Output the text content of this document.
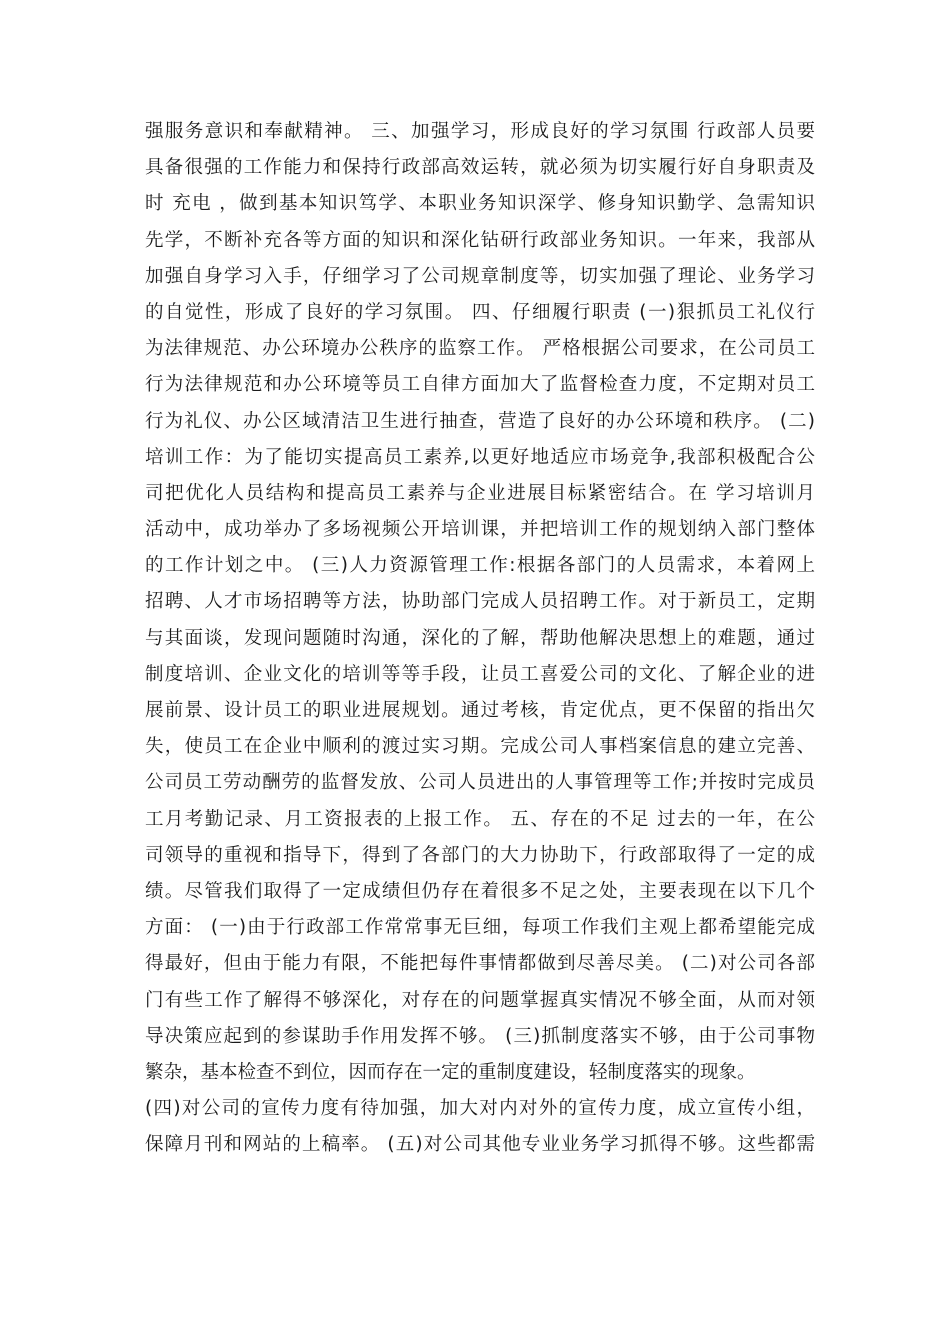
强服务意识和奉献精神。 三、加强学习，形成良好的学习氛围 行政部人员要
具备很强的工作能力和保持行政部高效运转，就必须为切实履行好自身职责及
时 充电 ，做到基本知识笃学、本职业务知识深学、修身知识勤学、急需知识
先学，不断补充各等方面的知识和深化钻研行政部业务知识。一年来，我部从
加强自身学习入手，仔细学习了公司规章制度等，切实加强了理论、业务学习
的自觉性，形成了良好的学习氛围。 四、仔细履行职责 (一)狠抓员工礼仪行
为法律规范、办公环境办公秩序的监察工作。 严格根据公司要求，在公司员工
行为法律规范和办公环境等员工自律方面加大了监督检查力度，不定期对员工
行为礼仪、办公区域清洁卫生进行抽查，营造了良好的办公环境和秩序。 (二)
培训工作：为了能切实提高员工素养,以更好地适应市场竞争,我部积极配合公
司把优化人员结构和提高员工素养与企业进展目标紧密结合。在 学习培训月
活动中，成功举办了多场视频公开培训课，并把培训工作的规划纳入部门整体
的工作计划之中。 (三)人力资源管理工作:根据各部门的人员需求，本着网上
招聘、人才市场招聘等方法，协助部门完成人员招聘工作。对于新员工，定期
与其面谈，发现问题随时沟通，深化的了解，帮助他解决思想上的难题，通过
制度培训、企业文化的培训等等手段，让员工喜爱公司的文化、了解企业的进
展前景、设计员工的职业进展规划。通过考核，肯定优点，更不保留的指出欠
失，使员工在企业中顺利的渡过实习期。完成公司人事档案信息的建立完善、
公司员工劳动酬劳的监督发放、公司人员进出的人事管理等工作;并按时完成员
工月考勤记录、月工资报表的上报工作。 五、存在的不足 过去的一年，在公
司领导的重视和指导下，得到了各部门的大力协助下，行政部取得了一定的成
绩。尽管我们取得了一定成绩但仍存在着很多不足之处，主要表现在以下几个
方面： (一)由于行政部工作常常事无巨细，每项工作我们主观上都希望能完成
得最好，但由于能力有限，不能把每件事情都做到尽善尽美。 (二)对公司各部
门有些工作了解得不够深化，对存在的问题掌握真实情况不够全面，从而对领
导决策应起到的参谋助手作用发挥不够。 (三)抓制度落实不够，由于公司事物
繁杂，基本检查不到位，因而存在一定的重制度建设，轻制度落实的现象。
(四)对公司的宣传力度有待加强，加大对内对外的宣传力度，成立宣传小组，
保障月刊和网站的上稿率。 (五)对公司其他专业业务学习抓得不够。这些都需
